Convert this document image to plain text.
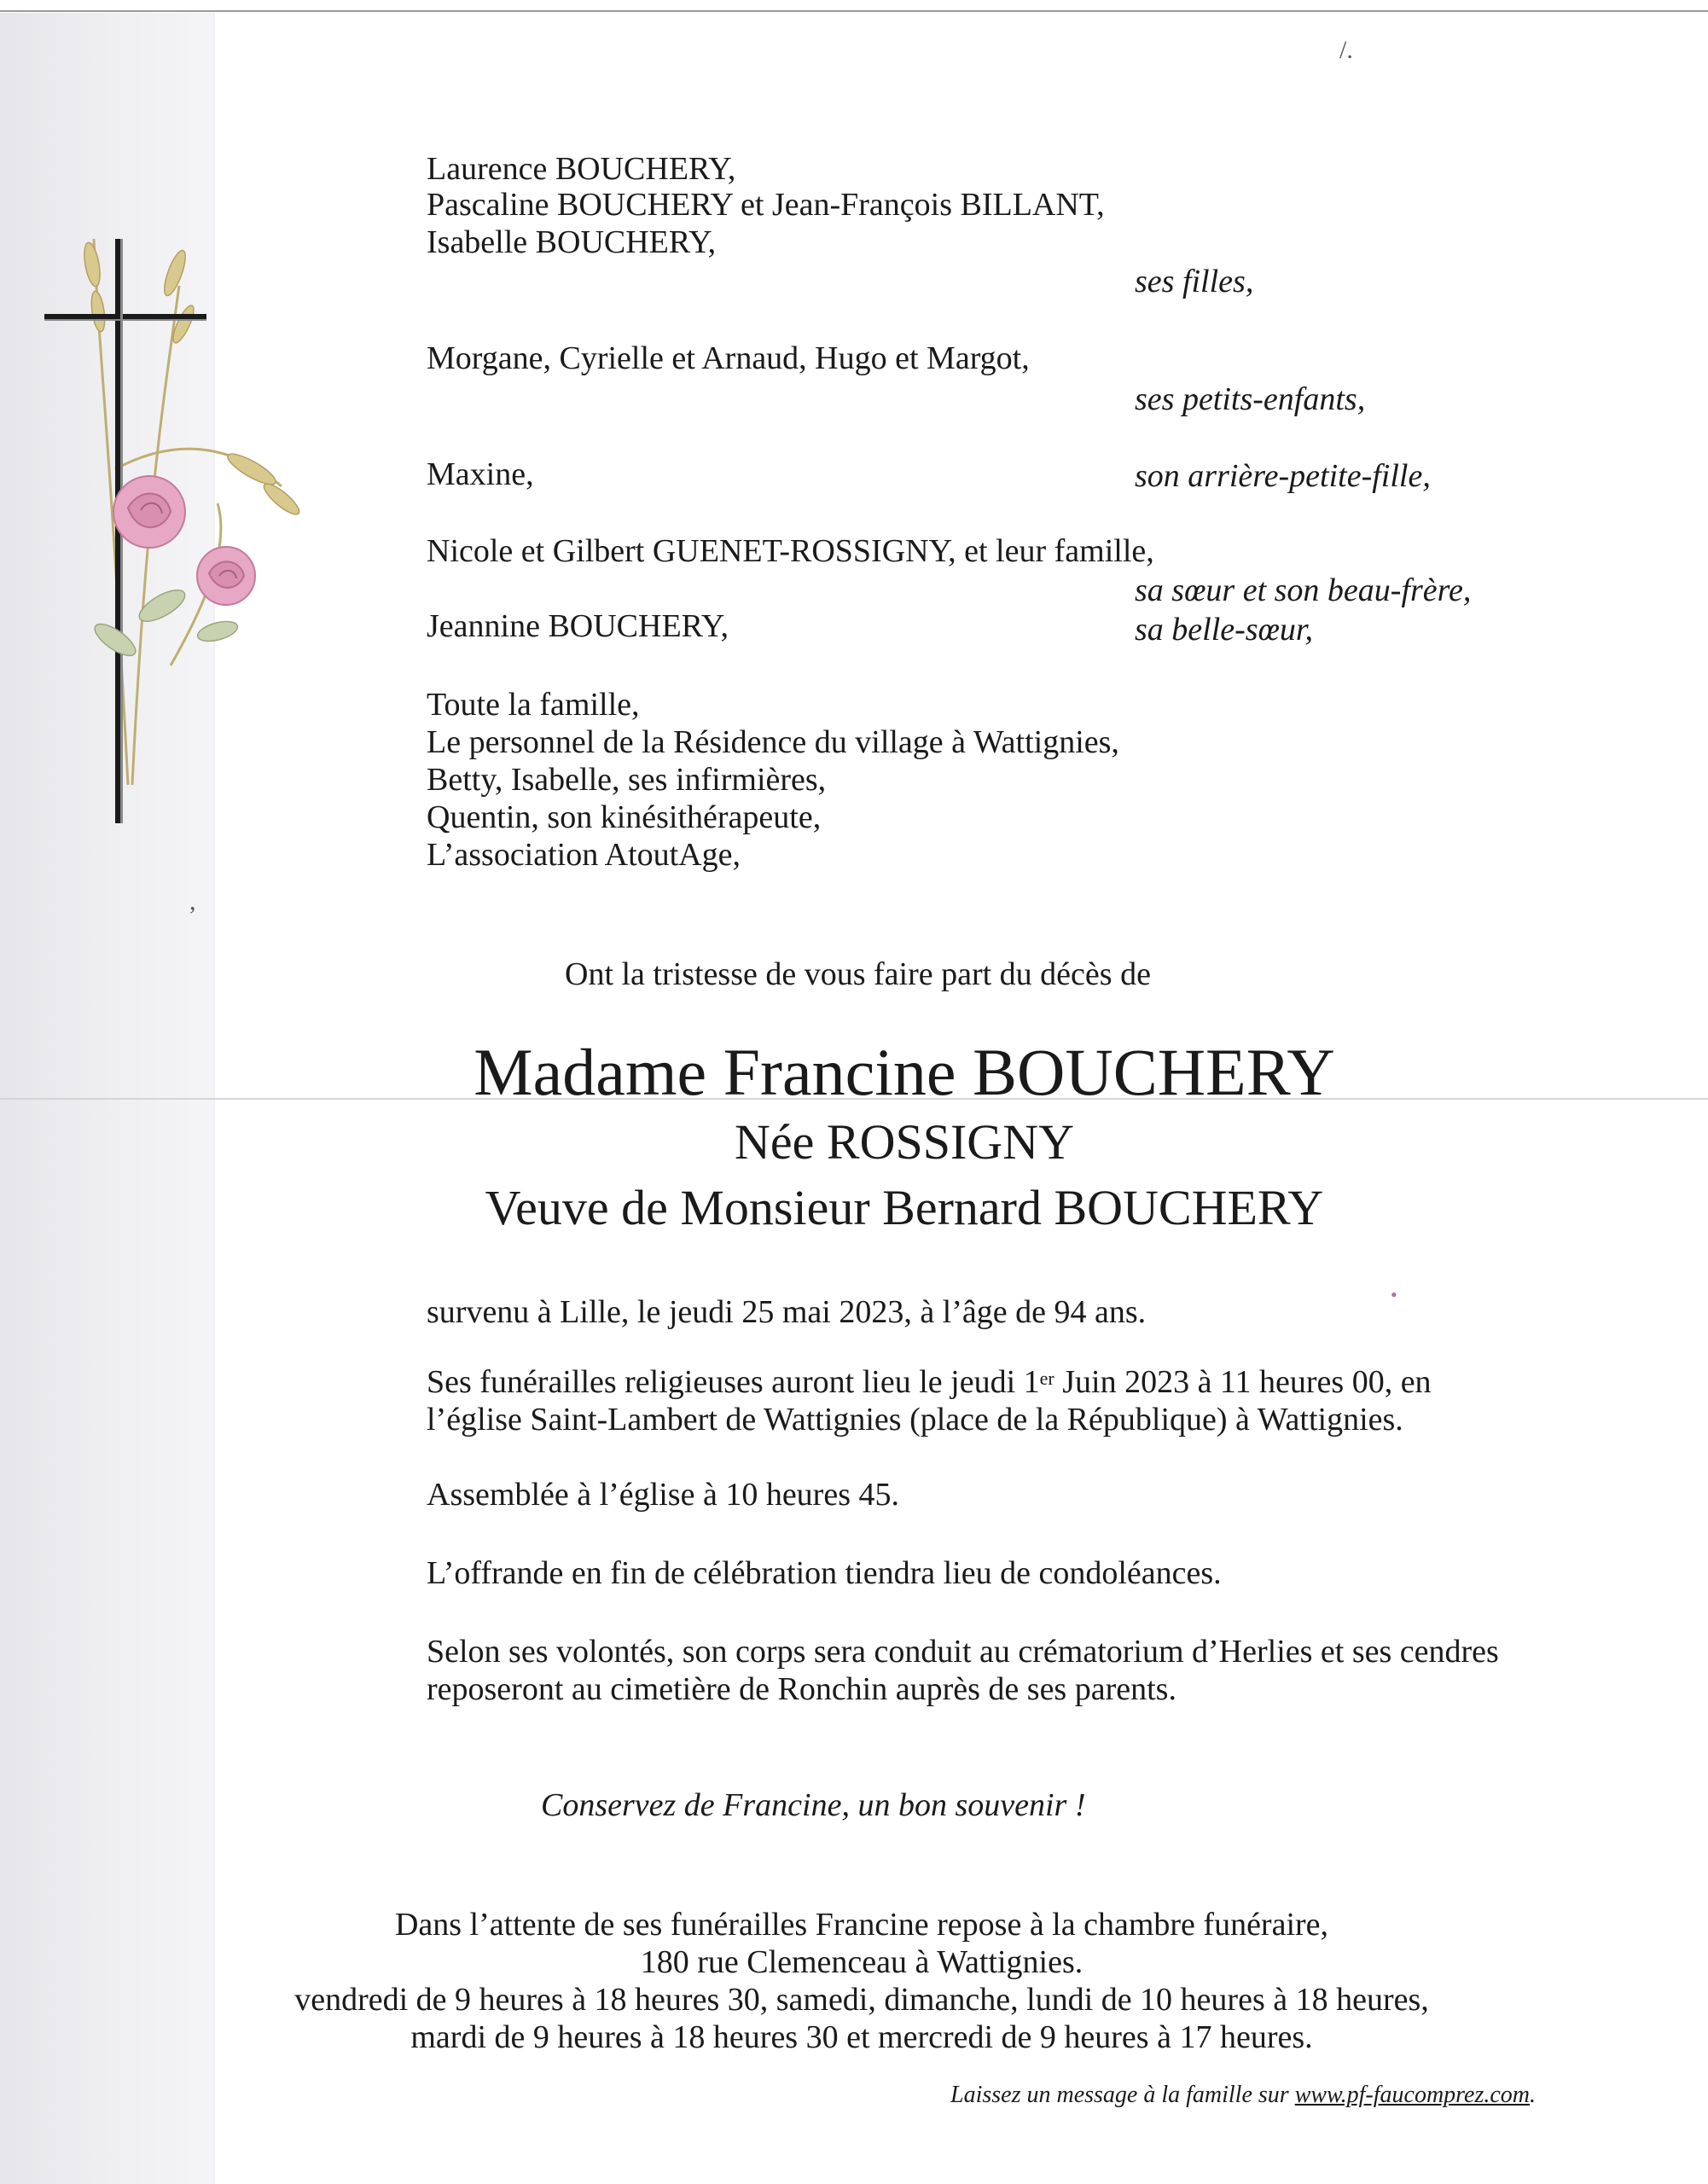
/.
,
•
Laurence BOUCHERY,
Pascaline BOUCHERY et Jean-François BILLANT,
Isabelle BOUCHERY,
ses filles,
Morgane, Cyrielle et Arnaud, Hugo et Margot,
ses petits-enfants,
Maxine,	son arrière-petite-fille,
Nicole et Gilbert GUENET-ROSSIGNY, et leur famille,
sa sœur et son beau-frère,
Jeannine BOUCHERY,	sa belle-sœur,
Toute la famille,
Le personnel de la Résidence du village à Wattignies,
Betty, Isabelle, ses infirmières,
Quentin, son kinésithérapeute,
L’association AtoutAge,
Ont la tristesse de vous faire part du décès de
Madame Francine BOUCHERY
Née ROSSIGNY
Veuve de Monsieur Bernard BOUCHERY
survenu à Lille, le jeudi 25 mai 2023, à l’âge de 94 ans.
Ses funérailles religieuses auront lieu le jeudi 1er Juin 2023 à 11 heures 00, en
l’église Saint-Lambert de Wattignies (place de la République) à Wattignies.
Assemblée à l’église à 10 heures 45.
L’offrande en fin de célébration tiendra lieu de condoléances.
Selon ses volontés, son corps sera conduit au crématorium d’Herlies et ses cendres
reposeront au cimetière de Ronchin auprès de ses parents.
Conservez de Francine, un bon souvenir !
Dans l’attente de ses funérailles Francine repose à la chambre funéraire,
180 rue Clemenceau à Wattignies.
vendredi de 9 heures à 18 heures 30, samedi, dimanche, lundi de 10 heures à 18 heures,
mardi de 9 heures à 18 heures 30 et mercredi de 9 heures à 17 heures.
Laissez un message à la famille sur www.pf-faucomprez.com.
